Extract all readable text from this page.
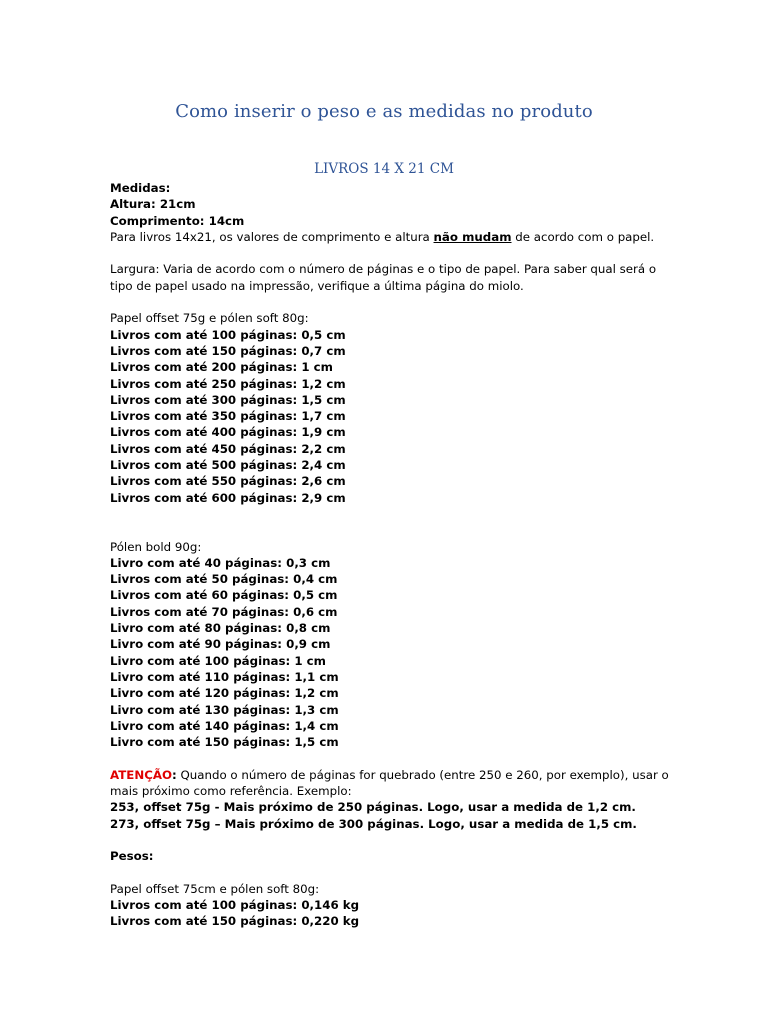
Como inserir o peso e as medidas no produto
LIVROS 14 X 21 CM
Medidas:
Altura: 21cm
Comprimento: 14cm
Para livros 14x21, os valores de comprimento e altura não mudam de acordo com o papel.
Largura: Varia de acordo com o número de páginas e o tipo de papel. Para saber qual será o tipo de papel usado na impressão, verifique a última página do miolo.
Papel offset 75g e pólen soft 80g:
Livros com até 100 páginas: 0,5 cm
Livros com até 150 páginas: 0,7 cm
Livros com até 200 páginas: 1 cm
Livros com até 250 páginas: 1,2 cm
Livros com até 300 páginas: 1,5 cm
Livros com até 350 páginas: 1,7 cm
Livros com até 400 páginas: 1,9 cm
Livros com até 450 páginas: 2,2 cm
Livros com até 500 páginas: 2,4 cm
Livros com até 550 páginas: 2,6 cm
Livros com até 600 páginas: 2,9 cm
Pólen bold 90g:
Livro com até 40 páginas: 0,3 cm
Livros com até 50 páginas: 0,4 cm
Livros com até 60 páginas: 0,5 cm
Livros com até 70 páginas: 0,6 cm
Livro com até 80 páginas: 0,8 cm
Livro com até 90 páginas: 0,9 cm
Livro com até 100 páginas: 1 cm
Livro com até 110 páginas: 1,1 cm
Livro com até 120 páginas: 1,2 cm
Livro com até 130 páginas: 1,3 cm
Livro com até 140 páginas: 1,4 cm
Livro com até 150 páginas: 1,5 cm
ATENÇÃO: Quando o número de páginas for quebrado (entre 250 e 260, por exemplo), usar o mais próximo como referência. Exemplo:
253, offset 75g - Mais próximo de 250 páginas. Logo, usar a medida de 1,2 cm.
273, offset 75g – Mais próximo de 300 páginas. Logo, usar a medida de 1,5 cm.
Pesos:
Papel offset 75cm e pólen soft 80g:
Livros com até 100 páginas: 0,146 kg
Livros com até 150 páginas: 0,220 kg
